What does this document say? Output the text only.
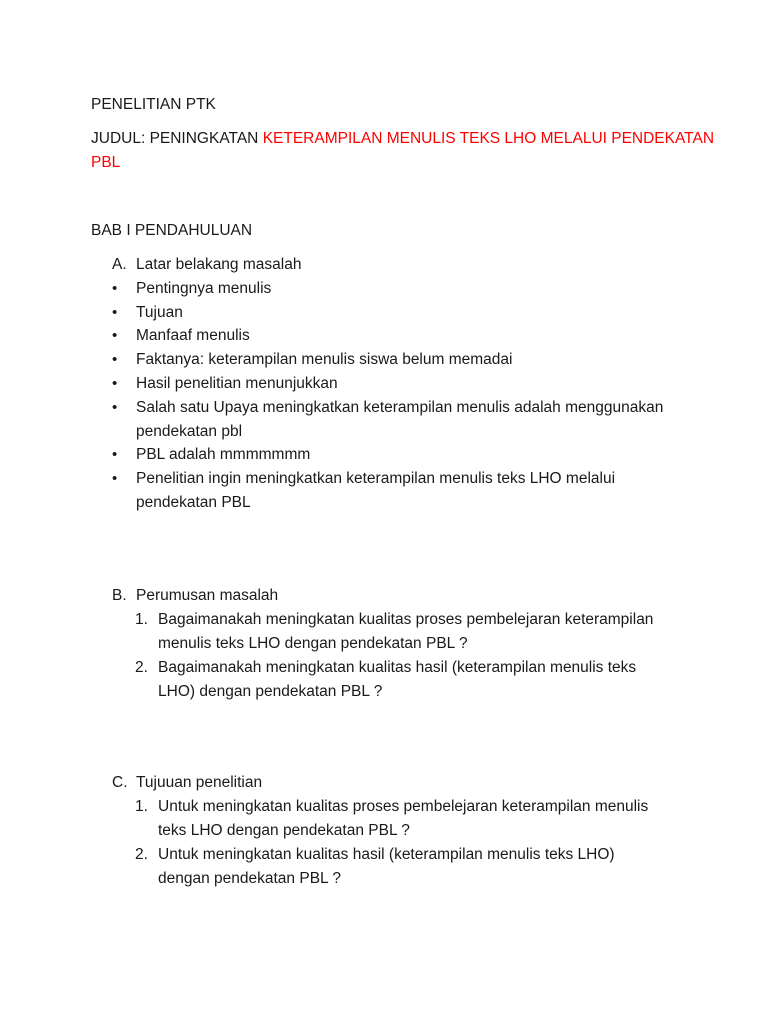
PENELITIAN PTK
JUDUL: PENINGKATAN KETERAMPILAN MENULIS TEKS LHO MELALUI PENDEKATAN
PBL
BAB I PENDAHULUAN
A. Latar belakang masalah
• Pentingnya menulis
• Tujuan
• Manfaaf menulis
• Faktanya: keterampilan menulis siswa belum memadai
• Hasil penelitian menunjukkan
• Salah satu Upaya meningkatkan keterampilan menulis adalah menggunakan
pendekatan pbl
• PBL adalah mmmmmmm
• Penelitian ingin meningkatkan keterampilan menulis teks LHO melalui
pendekatan PBL
B. Perumusan masalah
1. Bagaimanakah meningkatan kualitas proses pembelejaran keterampilan
menulis teks LHO dengan pendekatan PBL ?
2. Bagaimanakah meningkatan kualitas hasil (keterampilan menulis teks
LHO) dengan pendekatan PBL ?
C. Tujuuan penelitian
1. Untuk meningkatan kualitas proses pembelejaran keterampilan menulis
teks LHO dengan pendekatan PBL ?
2. Untuk meningkatan kualitas hasil (keterampilan menulis teks LHO)
dengan pendekatan PBL ?
